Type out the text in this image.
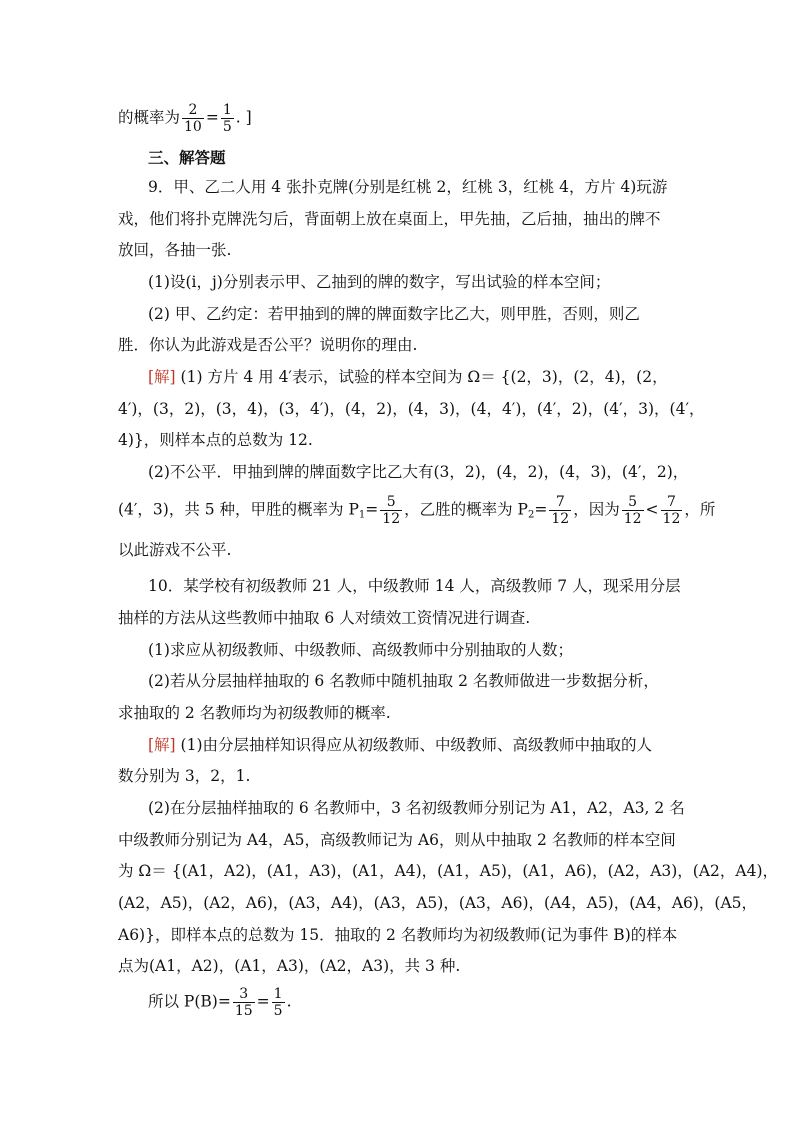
的概率为 $\frac{2}{10} = \frac{1}{5}$ . ]
三、解答题
9．甲、乙二人用 4 张扑克牌(分别是红桃 2，红桃 3，红桃 4，方片 4)玩游
戏，他们将扑克牌洗匀后，背面朝上放在桌面上，甲先抽，乙后抽，抽出的牌不
放回，各抽一张.
(1)设(i，j)分别表示甲、乙抽到的牌的数字，写出试验的样本空间；
(2) 甲、乙约定：若甲抽到的牌的牌面数字比乙大，则甲胜，否则，则乙
胜．你认为此游戏是否公平？说明你的理由.
[解] (1) 方片 4 用 4′表示，试验的样本空间为 Ω＝ {(2，3)，(2，4)，(2，
4′)，(3，2)，(3，4)，(3，4′)，(4，2)，(4，3)，(4，4′)，(4′，2)，(4′，3)，(4′，
4)}，则样本点的总数为 12.
(2)不公平．甲抽到牌的牌面数字比乙大有(3，2)，(4，2)，(4，3)，(4′，2)，
(4′，3)，共 5 种，甲胜的概率为 $P_1= \frac{5}{12}$ ，乙胜的概率为 $P_2= \frac{7}{12}$ ，因为 $\frac{5}{12} < \frac{7}{12}$ ，所
以此游戏不公平.
10．某学校有初级教师 21 人，中级教师 14 人，高级教师 7 人，现采用分层
抽样的方法从这些教师中抽取 6 人对绩效工资情况进行调查.
(1)求应从初级教师、中级教师、高级教师中分别抽取的人数；
(2)若从分层抽样抽取的 6 名教师中随机抽取 2 名教师做进一步数据分析，
求抽取的 2 名教师均为初级教师的概率.
[解] (1)由分层抽样知识得应从初级教师、中级教师、高级教师中抽取的人
数分别为 3，2，1.
(2)在分层抽样抽取的 6 名教师中，3 名初级教师分别记为 A1，A2，A3, 2 名
中级教师分别记为 A4，A5，高级教师记为 A6，则从中抽取 2 名教师的样本空间
为 Ω＝ {(A1，A2)，(A1，A3)，(A1，A4)，(A1，A5)，(A1，A6)，(A2，A3)，(A2，A4)，
(A2，A5)，(A2，A6)，(A3，A4)，(A3，A5)，(A3，A6)，(A4，A5)，(A4，A6)，(A5，
A6)}，即样本点的总数为 15．抽取的 2 名教师均为初级教师(记为事件 B)的样本
点为(A1，A2)，(A1，A3)，(A2，A3)，共 3 种.
所以 $P(B)= \frac{3}{15} = \frac{1}{5}$ .
